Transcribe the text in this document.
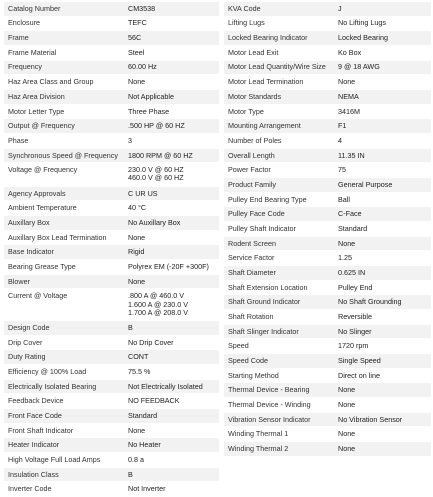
Catalog Number	CM3538
Enclosure	TEFC
Frame	56C
Frame Material	Steel
Frequency	60.00 Hz
Haz Area Class and Group	None
Haz Area Division	Not Applicable
Motor Letter Type	Three Phase
Output @ Frequency	.500 HP @ 60 HZ
Phase	3
Synchronous Speed @ Frequency	1800 RPM @ 60 HZ
Voltage @ Frequency	230.0 V @ 60 HZ
460.0 V @ 60 HZ
Agency Approvals	C UR US
Ambient Temperature	40 °C
Auxillary Box	No Auxillary Box
Auxillary Box Lead Termination	None
Base Indicator	Rigid
Bearing Grease Type	Polyrex EM (-20F +300F)
Blower	None
Current @ Voltage	.800 A @ 460.0 V
1.600 A @ 230.0 V
1.700 A @ 208.0 V
Design Code	B
Drip Cover	No Drip Cover
Duty Rating	CONT
Efficiency @ 100% Load	75.5 %
Electrically Isolated Bearing	Not Electrically Isolated
Feedback Device	NO FEEDBACK
Front Face Code	Standard
Front Shaft Indicator	None
Heater Indicator	No Heater
High Voltage Full Load Amps	0.8 a
Insulation Class	B
Inverter Code	Not Inverter
KVA Code	J
Lifting Lugs	No Lifting Lugs
Locked Bearing Indicator	Locked Bearing
Motor Lead Exit	Ko Box
Motor Lead Quantity/Wire Size	9 @ 18 AWG
Motor Lead Termination	None
Motor Standards	NEMA
Motor Type	3416M
Mounting Arrangement	F1
Number of Poles	4
Overall Length	11.35 IN
Power Factor	75
Product Family	General Purpose
Pulley End Bearing Type	Ball
Pulley Face Code	C-Face
Pulley Shaft Indicator	Standard
Rodent Screen	None
Service Factor	1.25
Shaft Diameter	0.625 IN
Shaft Extension Location	Pulley End
Shaft Ground Indicator	No Shaft Grounding
Shaft Rotation	Reversible
Shaft Slinger Indicator	No Slinger
Speed	1720 rpm
Speed Code	Single Speed
Starting Method	Direct on line
Thermal Device - Bearing	None
Thermal Device - Winding	None
Vibration Sensor Indicator	No Vibration Sensor
Winding Thermal 1	None
Winding Thermal 2	None
